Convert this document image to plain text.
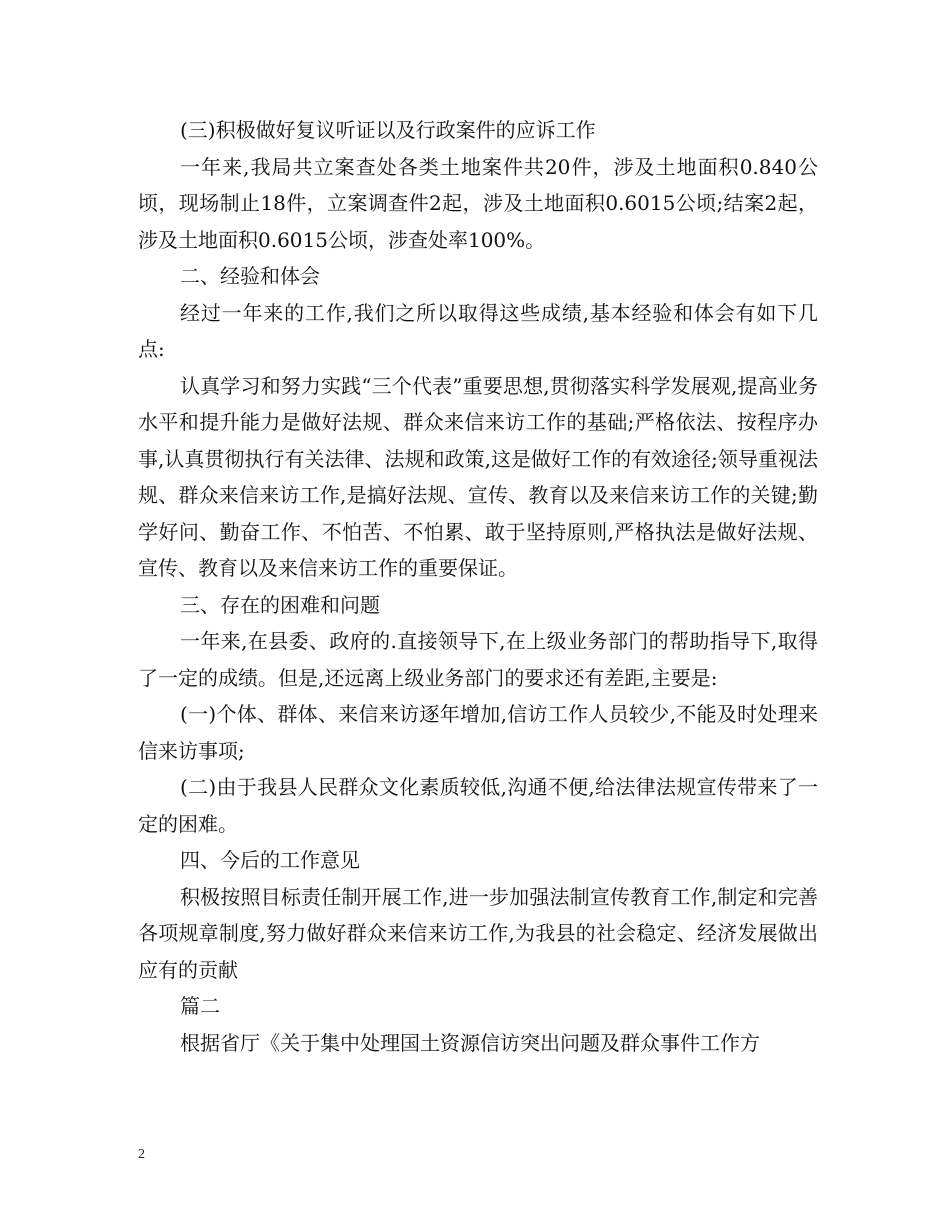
(三)积极做好复议听证以及行政案件的应诉工作

一年来,我局共立案查处各类土地案件共20件，涉及土地面积0.840公顷，现场制止18件，立案调查件2起，涉及土地面积0.6015公顷;结案2起，涉及土地面积0.6015公顷，涉查处率100%。

二、经验和体会

经过一年来的工作,我们之所以取得这些成绩,基本经验和体会有如下几点:

认真学习和努力实践“三个代表”重要思想,贯彻落实科学发展观,提高业务水平和提升能力是做好法规、群众来信来访工作的基础;严格依法、按程序办事,认真贯彻执行有关法律、法规和政策,这是做好工作的有效途径;领导重视法规、群众来信来访工作,是搞好法规、宣传、教育以及来信来访工作的关键;勤学好问、勤奋工作、不怕苦、不怕累、敢于坚持原则,严格执法是做好法规、宣传、教育以及来信来访工作的重要保证。

三、存在的困难和问题

一年来,在县委、政府的.直接领导下,在上级业务部门的帮助指导下,取得了一定的成绩。但是,还远离上级业务部门的要求还有差距,主要是:

(一)个体、群体、来信来访逐年增加,信访工作人员较少,不能及时处理来信来访事项;

(二)由于我县人民群众文化素质较低,沟通不便,给法律法规宣传带来了一定的困难。

四、今后的工作意见

积极按照目标责任制开展工作,进一步加强法制宣传教育工作,制定和完善各项规章制度,努力做好群众来信来访工作,为我县的社会稳定、经济发展做出应有的贡献

篇二

根据省厅《关于集中处理国土资源信访突出问题及群众事件工作方

2
